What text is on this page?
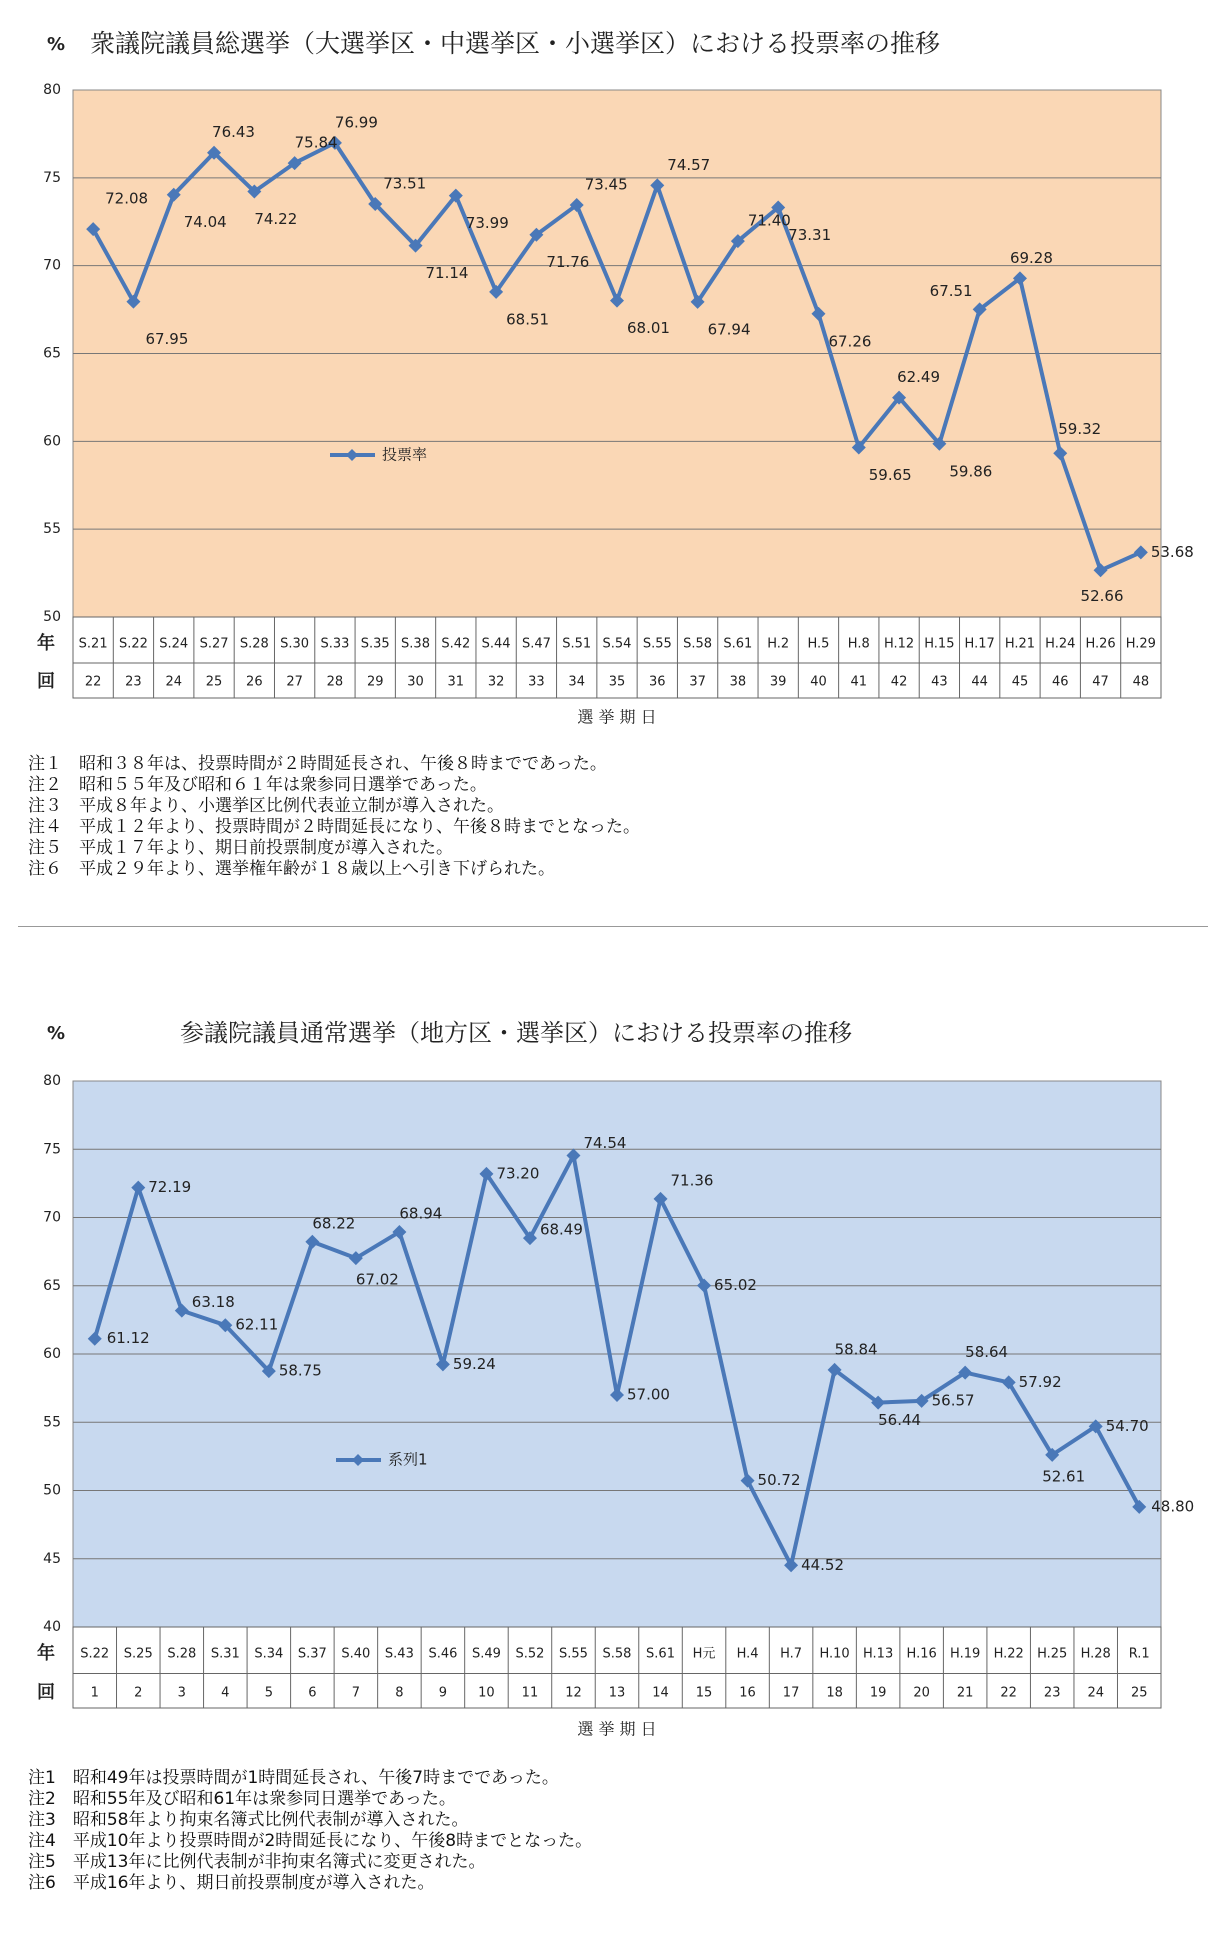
% 衆議院議員総選挙（大選挙区・中選挙区・小選挙区）における投票率の推移
50
55
60
65
70
75
80
年
回
S.21 S.22 S.24 S.27 S.28 S.30 S.33 S.35 S.38 S.42 S.44 S.47 S.51 S.54 S.55 S.58 S.61 H.2 H.5 H.8 H.12 H.15 H.17 H.21 H.24 H.26 H.29
22 23 24 25 26 27 28 29 30 31 32 33 34 35 36 37 38 39 40 41 42 43 44 45 46 47 48
選 挙 期 日
72.08
67.95
74.04
76.43
74.22
75.84
76.99
73.51
71.14
73.99
68.51
71.76
73.45
68.01
74.57
67.94
71.40
73.31
67.26
59.65
62.49
59.86
67.51
69.28
59.32
52.66
53.68
投票率
%	参議院議員通常選挙（地方区・選挙区）における投票率の推移
40
45
50
55
60
65
70
75
80
年
回
S.22 S.25 S.28 S.31 S.34 S.37 S.40 S.43 S.46 S.49 S.52 S.55 S.58 S.61 H元 H.4 H.7 H.10 H.13 H.16 H.19 H.22 H.25 H.28 R.1
1	2	3	4	5	6	7	8	9 10 11 12 13 14 15 16 17 18 19 20 21 22 23 24 25
選 挙 期 日
61.12
72.19
63.18
62.11
58.75
68.22
67.02
68.94
59.24
73.20
68.49
74.54
57.00
71.36
65.02
50.72
44.52
58.84
56.44
56.57
58.64
57.92
52.61
54.70
48.80
系列1
注１　昭和３８年は、投票時間が２時間延長され、午後８時までであった。
注２　昭和５５年及び昭和６１年は衆参同日選挙であった。
注３　平成８年より、小選挙区比例代表並立制が導入された。
注４　平成１２年より、投票時間が２時間延長になり、午後８時までとなった。
注５　平成１７年より、期日前投票制度が導入された。
注６　平成２９年より、選挙権年齢が１８歳以上へ引き下げられた。
注1　昭和49年は投票時間が1時間延長され、午後7時までであった。
注2　昭和55年及び昭和61年は衆参同日選挙であった。
注3　昭和58年より拘束名簿式比例代表制が導入された。
注4　平成10年より投票時間が2時間延長になり、午後8時までとなった。
注5　平成13年に比例代表制が非拘束名簿式に変更された。
注6　平成16年より、期日前投票制度が導入された。
